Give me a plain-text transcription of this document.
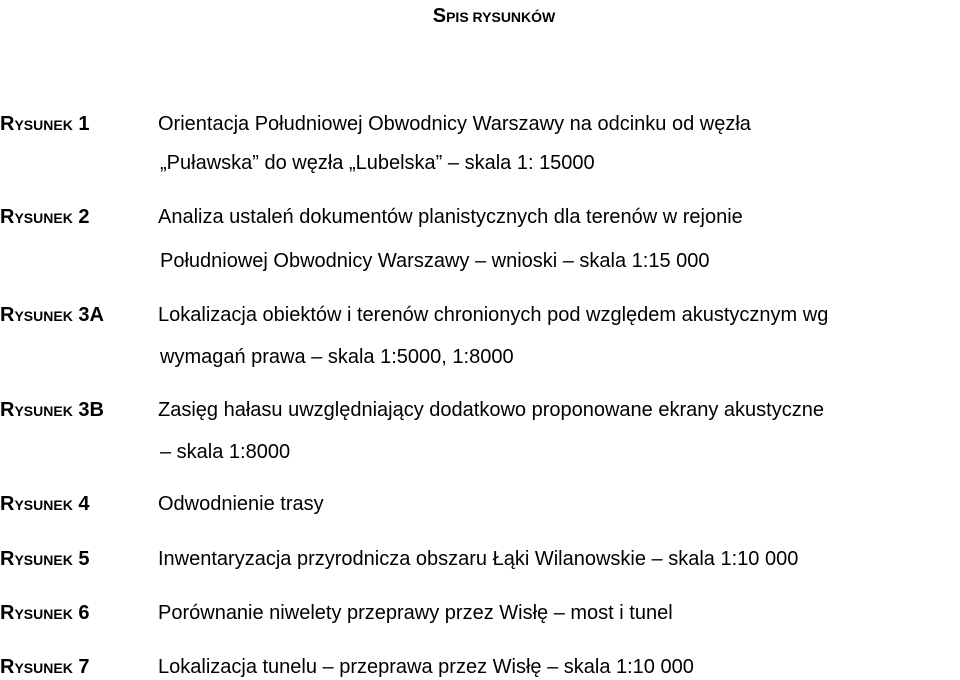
SPIS RYSUNKÓW
RYSUNEK 1	Orientacja Południowej Obwodnicy Warszawy na odcinku od węzła
„Puławska” do węzła „Lubelska” – skala 1: 15000
RYSUNEK 2	Analiza ustaleń dokumentów planistycznych dla terenów w rejonie
Południowej Obwodnicy Warszawy – wnioski – skala 1:15 000
RYSUNEK 3A	Lokalizacja obiektów i terenów chronionych pod względem akustycznym wg
wymagań prawa – skala 1:5000, 1:8000
RYSUNEK 3B	Zasięg hałasu uwzględniający dodatkowo proponowane ekrany akustyczne
– skala 1:8000
RYSUNEK 4	Odwodnienie trasy
RYSUNEK 5	Inwentaryzacja przyrodnicza obszaru Łąki Wilanowskie – skala 1:10 000
RYSUNEK 6	Porównanie niwelety przeprawy przez Wisłę – most i tunel
RYSUNEK 7	Lokalizacja tunelu – przeprawa przez Wisłę – skala 1:10 000
